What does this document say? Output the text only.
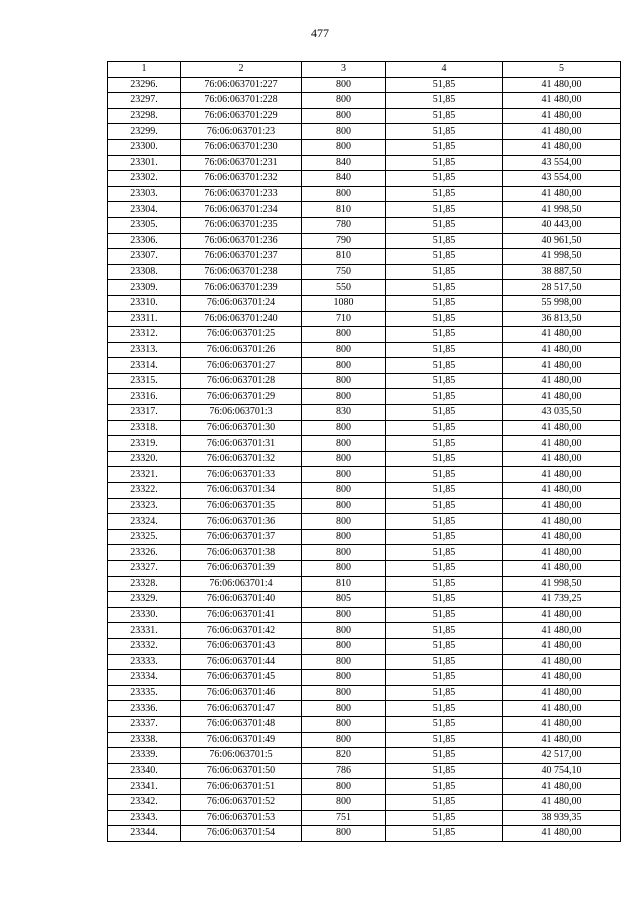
477
1	2	3	4	5
23296.	76:06:063701:227	800	51,85	41 480,00
23297.	76:06:063701:228	800	51,85	41 480,00
23298.	76:06:063701:229	800	51,85	41 480,00
23299.	76:06:063701:23	800	51,85	41 480,00
23300.	76:06:063701:230	800	51,85	41 480,00
23301.	76:06:063701:231	840	51,85	43 554,00
23302.	76:06:063701:232	840	51,85	43 554,00
23303.	76:06:063701:233	800	51,85	41 480,00
23304.	76:06:063701:234	810	51,85	41 998,50
23305.	76:06:063701:235	780	51,85	40 443,00
23306.	76:06:063701:236	790	51,85	40 961,50
23307.	76:06:063701:237	810	51,85	41 998,50
23308.	76:06:063701:238	750	51,85	38 887,50
23309.	76:06:063701:239	550	51,85	28 517,50
23310.	76:06:063701:24	1080	51,85	55 998,00
23311.	76:06:063701:240	710	51,85	36 813,50
23312.	76:06:063701:25	800	51,85	41 480,00
23313.	76:06:063701:26	800	51,85	41 480,00
23314.	76:06:063701:27	800	51,85	41 480,00
23315.	76:06:063701:28	800	51,85	41 480,00
23316.	76:06:063701:29	800	51,85	41 480,00
23317.	76:06:063701:3	830	51,85	43 035,50
23318.	76:06:063701:30	800	51,85	41 480,00
23319.	76:06:063701:31	800	51,85	41 480,00
23320.	76:06:063701:32	800	51,85	41 480,00
23321.	76:06:063701:33	800	51,85	41 480,00
23322.	76:06:063701:34	800	51,85	41 480,00
23323.	76:06:063701:35	800	51,85	41 480,00
23324.	76:06:063701:36	800	51,85	41 480,00
23325.	76:06:063701:37	800	51,85	41 480,00
23326.	76:06:063701:38	800	51,85	41 480,00
23327.	76:06:063701:39	800	51,85	41 480,00
23328.	76:06:063701:4	810	51,85	41 998,50
23329.	76:06:063701:40	805	51,85	41 739,25
23330.	76:06:063701:41	800	51,85	41 480,00
23331.	76:06:063701:42	800	51,85	41 480,00
23332.	76:06:063701:43	800	51,85	41 480,00
23333.	76:06:063701:44	800	51,85	41 480,00
23334.	76:06:063701:45	800	51,85	41 480,00
23335.	76:06:063701:46	800	51,85	41 480,00
23336.	76:06:063701:47	800	51,85	41 480,00
23337.	76:06:063701:48	800	51,85	41 480,00
23338.	76:06:063701:49	800	51,85	41 480,00
23339.	76:06:063701:5	820	51,85	42 517,00
23340.	76:06:063701:50	786	51,85	40 754,10
23341.	76:06:063701:51	800	51,85	41 480,00
23342.	76:06:063701:52	800	51,85	41 480,00
23343.	76:06:063701:53	751	51,85	38 939,35
23344.	76:06:063701:54	800	51,85	41 480,00
